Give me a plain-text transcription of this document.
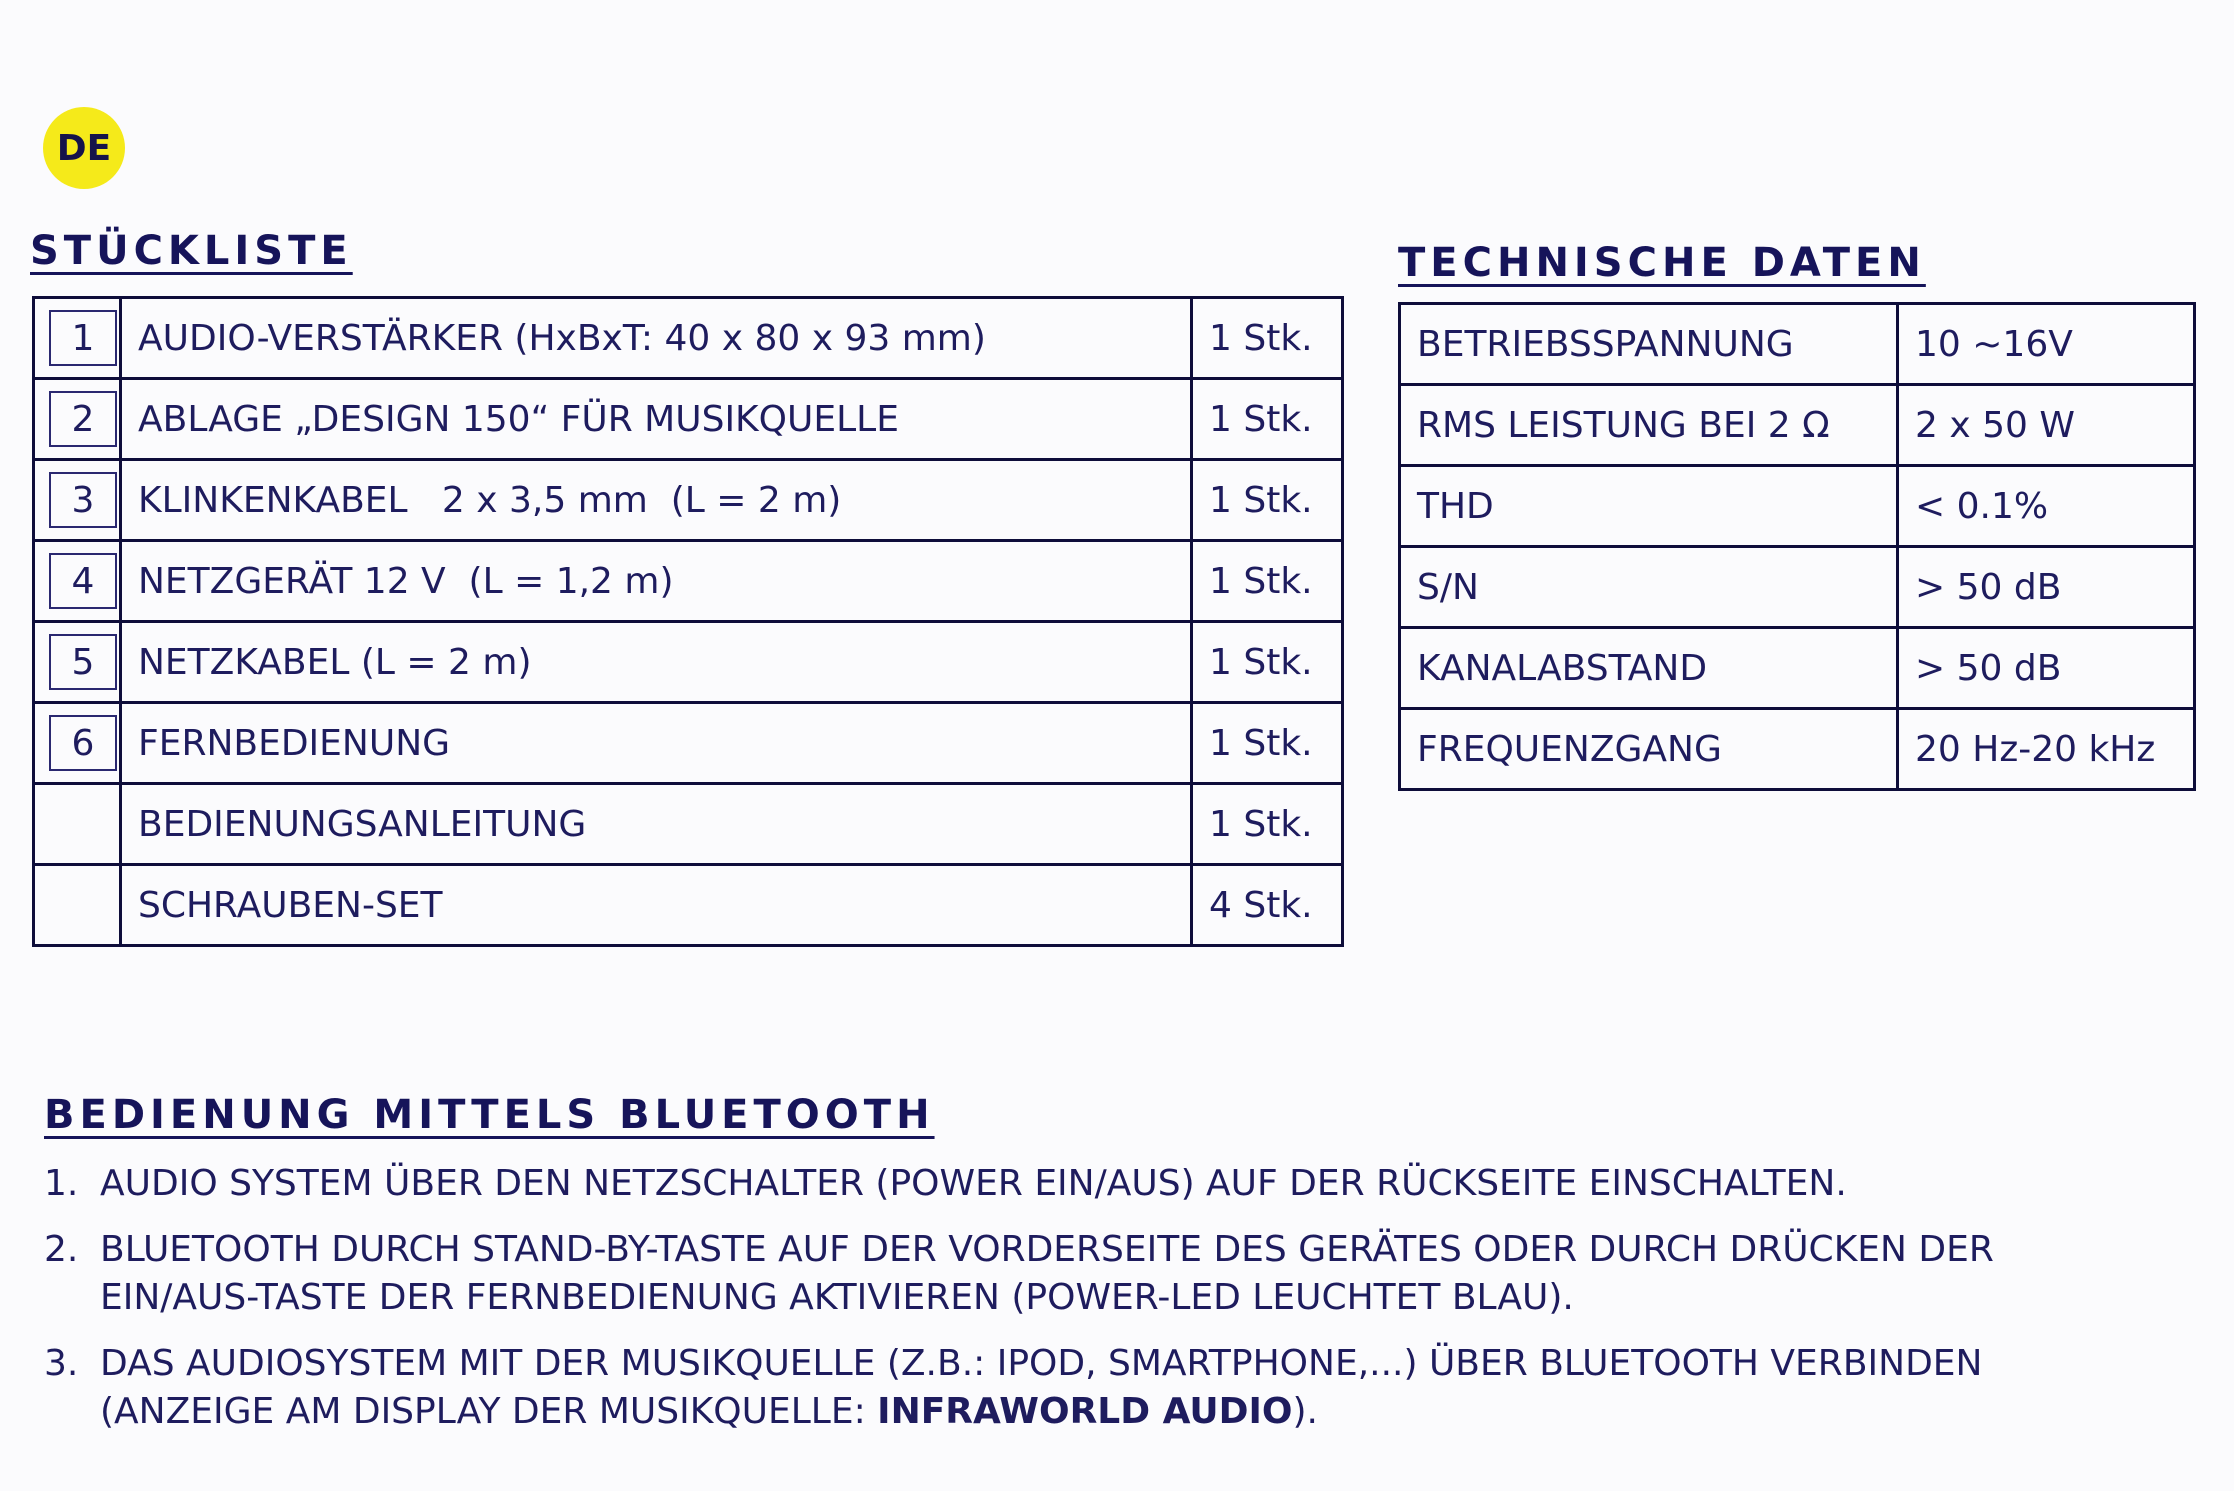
DE
STÜCKLISTE
1	AUDIO-VERSTÄRKER (HxBxT: 40 x 80 x 93 mm)	1 Stk.
2	ABLAGE „DESIGN 150“ FÜR MUSIKQUELLE	1 Stk.
3	KLINKENKABEL   2 x 3,5 mm  (L = 2 m)	1 Stk.
4	NETZGERÄT 12 V  (L = 1,2 m)	1 Stk.
5	NETZKABEL (L = 2 m)	1 Stk.
6	FERNBEDIENUNG	1 Stk.
	BEDIENUNGSANLEITUNG	1 Stk.
	SCHRAUBEN-SET	4 Stk.
TECHNISCHE DATEN
BETRIEBSSPANNUNG	10 ~16V
RMS LEISTUNG BEI 2 Ω	2 x 50 W
THD	< 0.1%
S/N	> 50 dB
KANALABSTAND	> 50 dB
FREQUENZGANG	20 Hz-20 kHz
BEDIENUNG MITTELS BLUETOOTH
1. AUDIO SYSTEM ÜBER DEN NETZSCHALTER (POWER EIN/AUS) AUF DER RÜCKSEITE EINSCHALTEN.
2. BLUETOOTH DURCH STAND-BY-TASTE AUF DER VORDERSEITE DES GERÄTES ODER DURCH DRÜCKEN DER EIN/AUS-TASTE DER FERNBEDIENUNG AKTIVIEREN (POWER-LED LEUCHTET BLAU).
3. DAS AUDIOSYSTEM MIT DER MUSIKQUELLE (Z.B.: IPOD, SMARTPHONE,...) ÜBER BLUETOOTH VERBINDEN (ANZEIGE AM DISPLAY DER MUSIKQUELLE: INFRAWORLD AUDIO).
